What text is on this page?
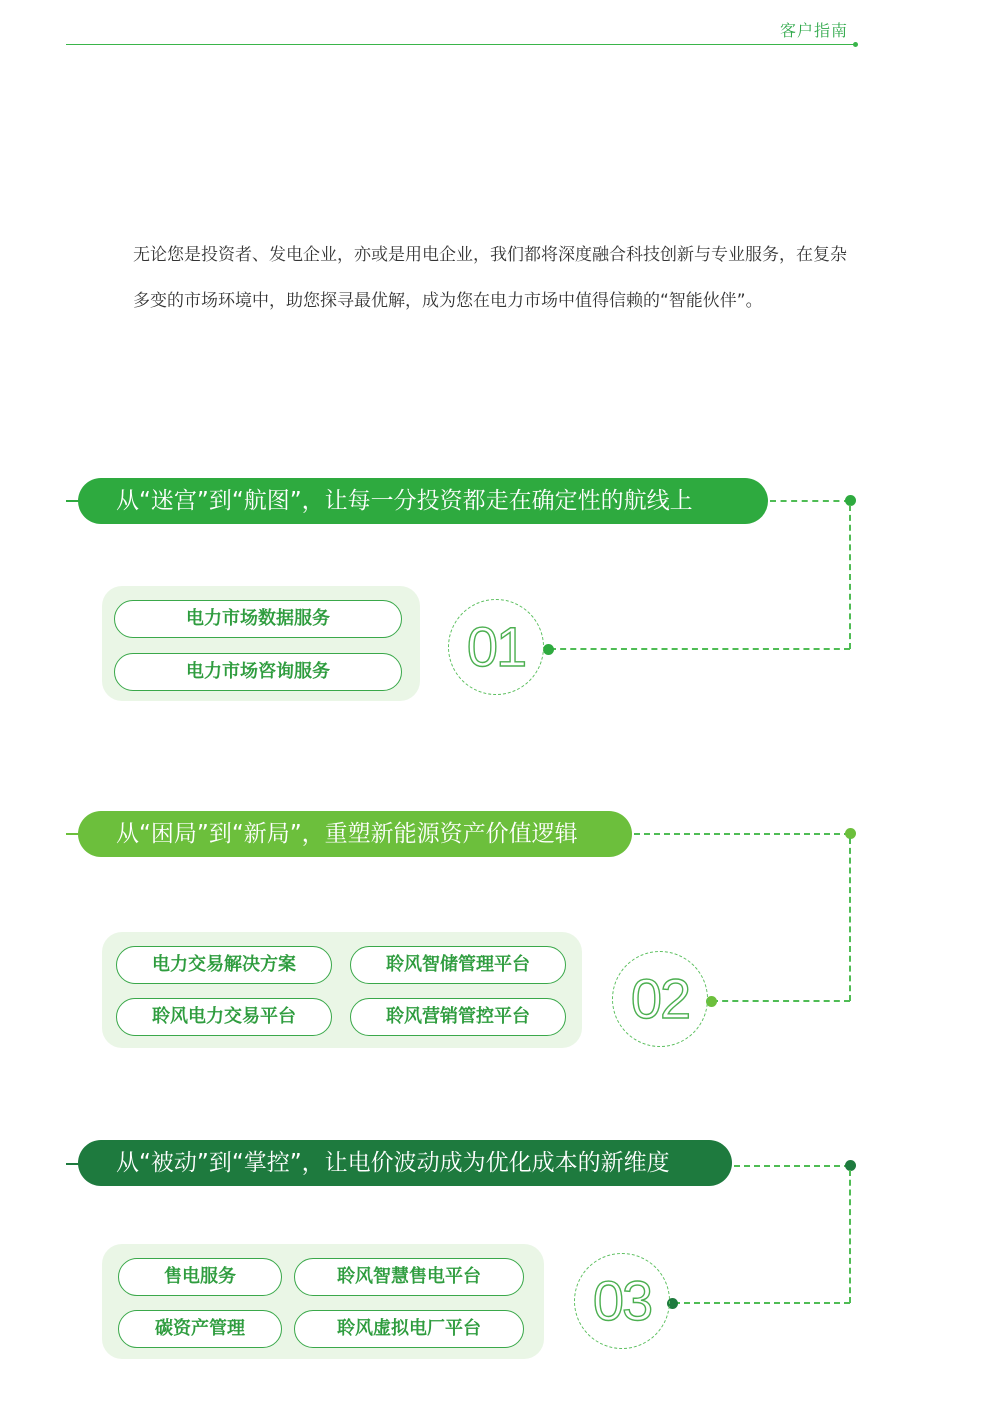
客户指南

无论您是投资者、发电企业，亦或是用电企业，我们都将深度融合科技创新与专业服务，在复杂

多变的市场环境中，助您探寻最优解，成为您在电力市场中值得信赖的“智能伙伴”。

从“迷宫”到“航图”，让每一分投资都走在确定性的航线上
电力市场数据服务
电力市场咨询服务	01
从“困局”到“新局”，重塑新能源资产价值逻辑
电力交易解决方案	聆风智储管理平台
聆风电力交易平台	聆风营销管控平台	02
从“被动”到“掌控”，让电价波动成为优化成本的新维度
售电服务	聆风智慧售电平台
碳资产管理	聆风虚拟电厂平台	03
